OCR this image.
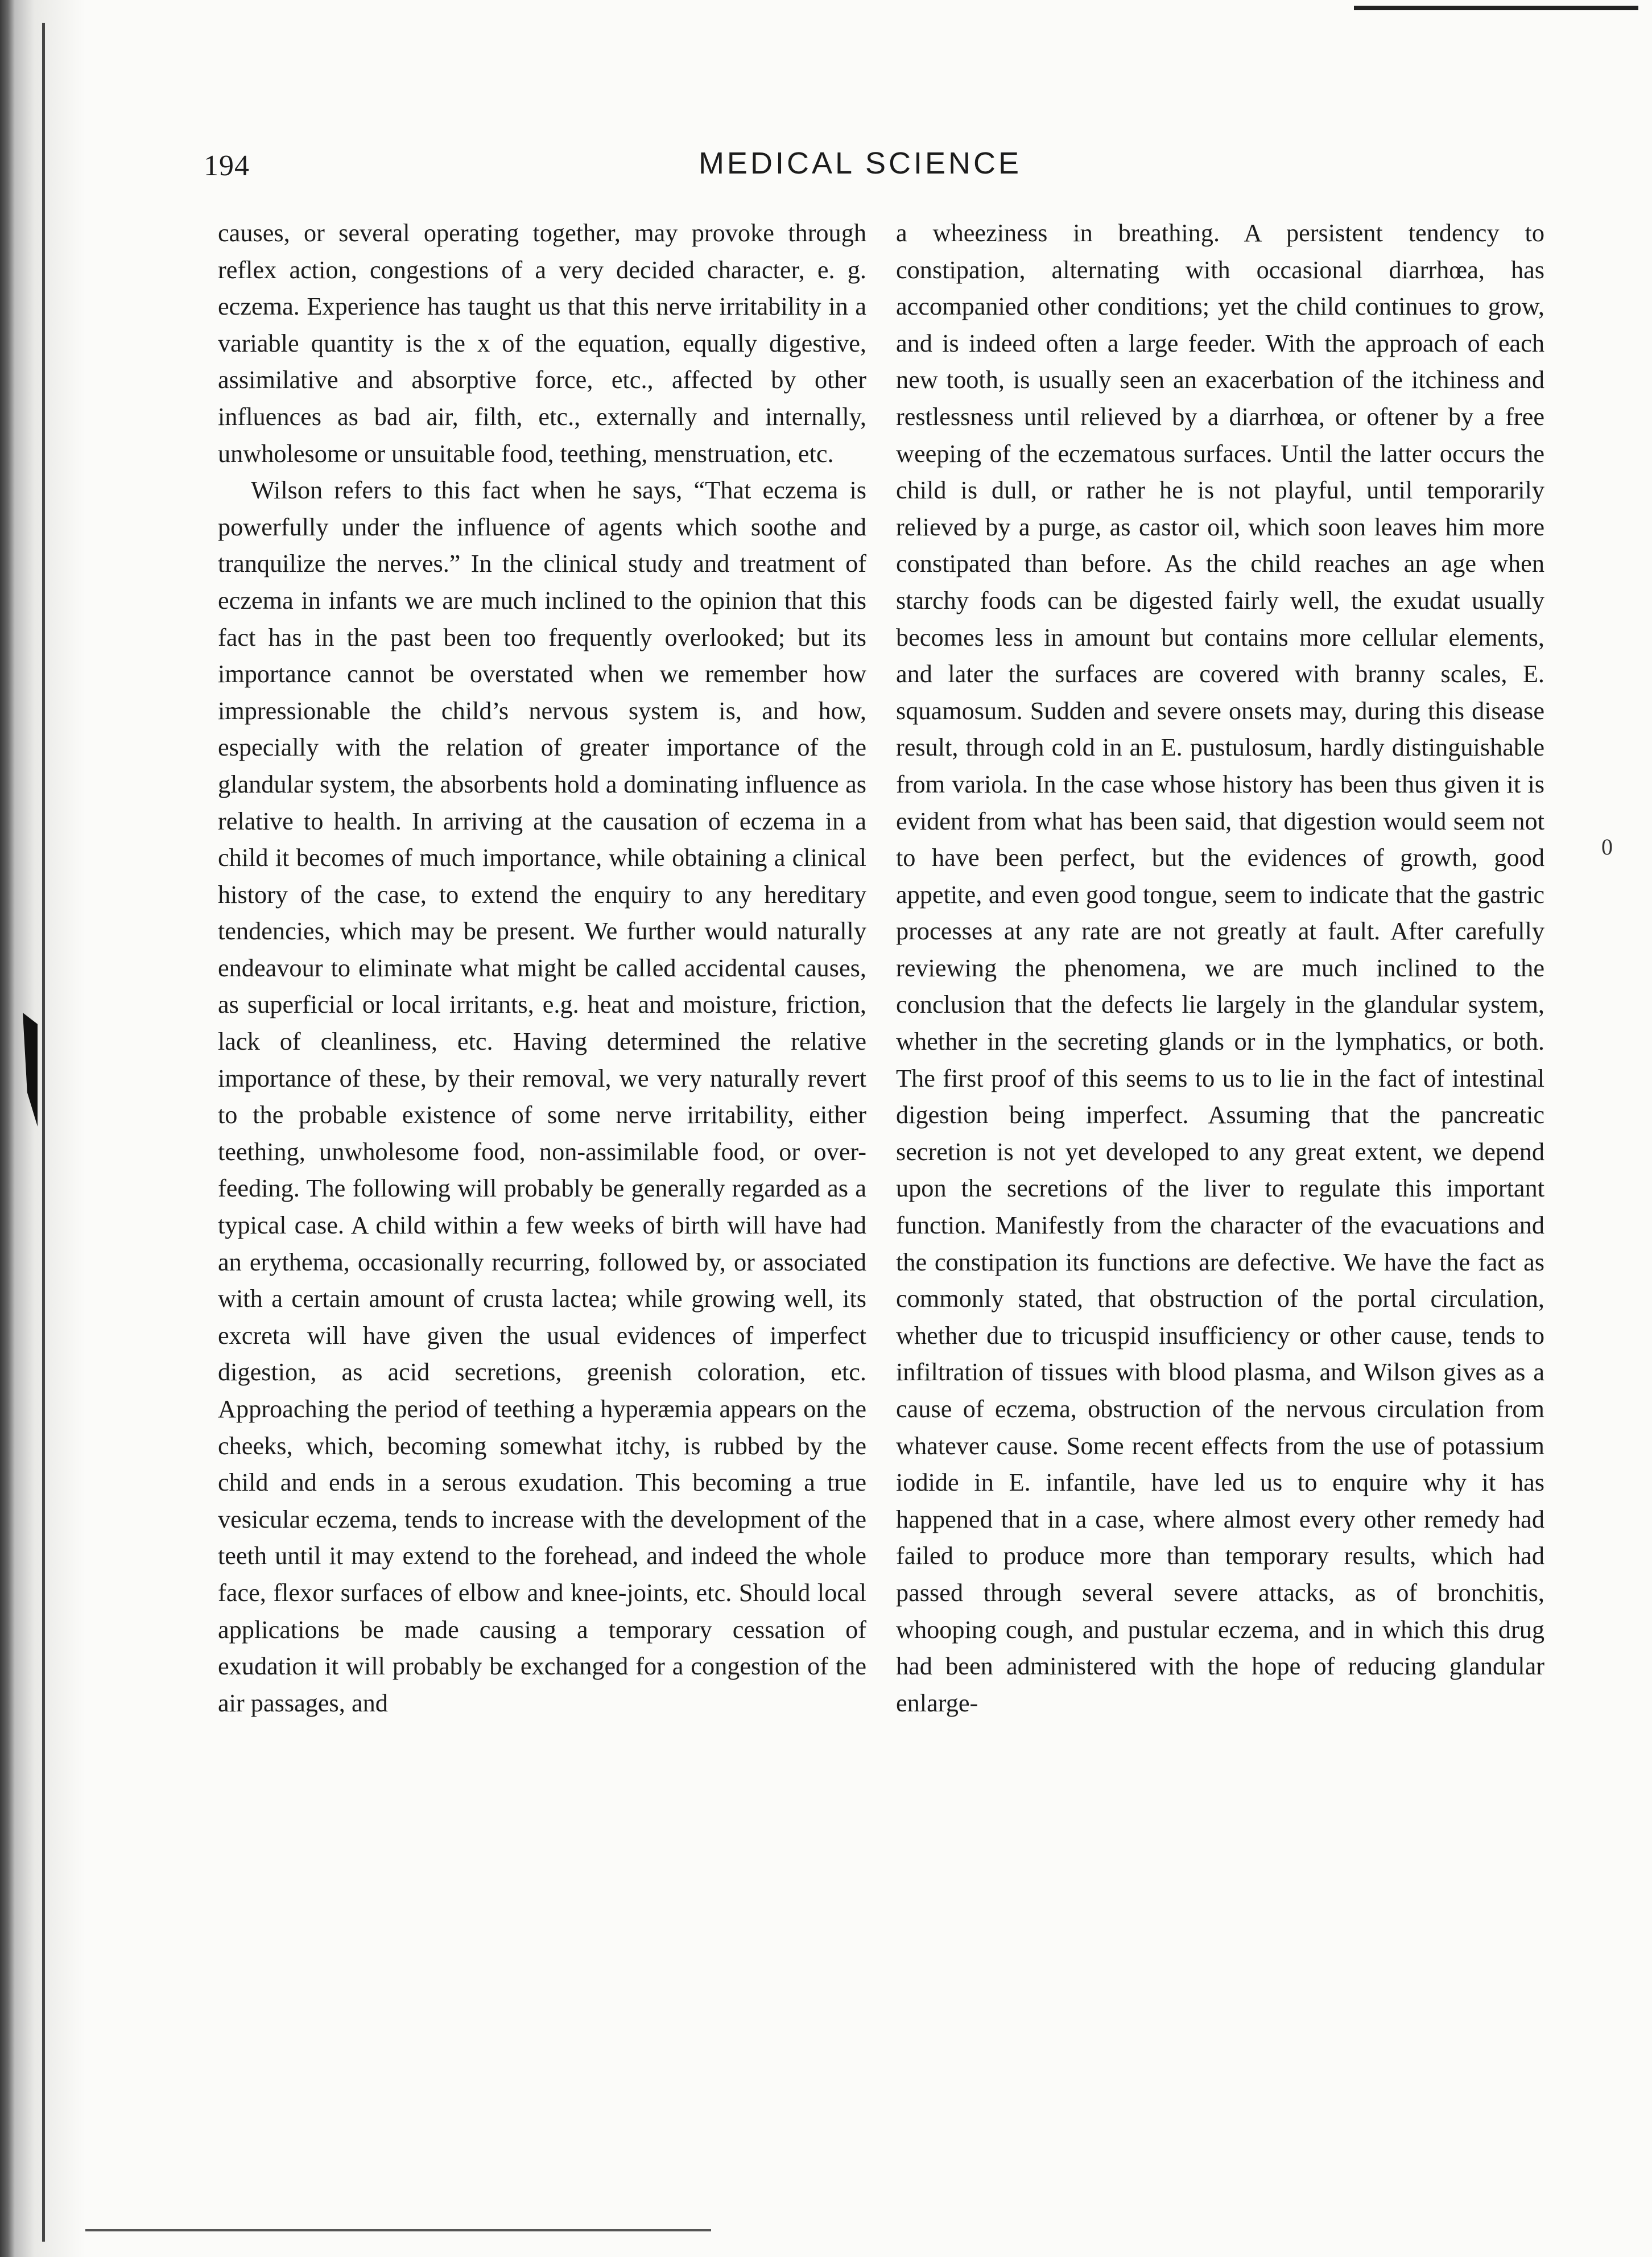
194	MEDICAL SCIENCE

causes, or several operating together, may provoke through reflex action, congestions of a very decided character, e. g. eczema. Experience has taught us that this nerve irritability in a variable quantity is the x of the equation, equally digestive, assimilative and absorptive force, etc., affected by other influences as bad air, filth, etc., externally and internally, unwholesome or unsuitable food, teething, menstruation, etc.

Wilson refers to this fact when he says, “That eczema is powerfully under the influence of agents which soothe and tranquilize the nerves.” In the clinical study and treatment of eczema in infants we are much inclined to the opinion that this fact has in the past been too frequently overlooked; but its importance cannot be overstated when we remember how impressionable the child’s nervous system is, and how, especially with the relation of greater importance of the glandular system, the absorbents hold a dominating influence as relative to health. In arriving at the causation of eczema in a child it becomes of much importance, while obtaining a clinical history of the case, to extend the enquiry to any hereditary tendencies, which may be present. We further would naturally endeavour to eliminate what might be called accidental causes, as superficial or local irritants, e.g. heat and moisture, friction, lack of cleanliness, etc. Having determined the relative importance of these, by their removal, we very naturally revert to the probable existence of some nerve irritability, either teething, unwholesome food, non-assimilable food, or over-feeding. The following will probably be generally regarded as a typical case. A child within a few weeks of birth will have had an erythema, occasionally recurring, followed by, or associated with a certain amount of crusta lactea; while growing well, its excreta will have given the usual evidences of imperfect digestion, as acid secretions, greenish coloration, etc. Approaching the period of teething a hyperæmia appears on the cheeks, which, becoming somewhat itchy, is rubbed by the child and ends in a serous exudation. This becoming a true vesicular eczema, tends to increase with the development of the teeth until it may extend to the forehead, and indeed the whole face, flexor surfaces of elbow and knee-joints, etc. Should local applications be made causing a temporary cessation of exudation it will probably be exchanged for a congestion of the air passages, and

a wheeziness in breathing. A persistent tendency to constipation, alternating with occasional diarrhœa, has accompanied other conditions; yet the child continues to grow, and is indeed often a large feeder. With the approach of each new tooth, is usually seen an exacerbation of the itchiness and restlessness until relieved by a diarrhœa, or oftener by a free weeping of the eczematous surfaces. Until the latter occurs the child is dull, or rather he is not playful, until temporarily relieved by a purge, as castor oil, which soon leaves him more constipated than before. As the child reaches an age when starchy foods can be digested fairly well, the exudat usually becomes less in amount but contains more cellular elements, and later the surfaces are covered with branny scales, E. squamosum. Sudden and severe onsets may, during this disease result, through cold in an E. pustulosum, hardly distinguishable from variola. In the case whose history has been thus given it is evident from what has been said, that digestion would seem not to have been perfect, but the evidences of growth, good appetite, and even good tongue, seem to indicate that the gastric processes at any rate are not greatly at fault. After carefully reviewing the phenomena, we are much inclined to the conclusion that the defects lie largely in the glandular system, whether in the secreting glands or in the lymphatics, or both. The first proof of this seems to us to lie in the fact of intestinal digestion being imperfect. Assuming that the pancreatic secretion is not yet developed to any great extent, we depend upon the secretions of the liver to regulate this important function. Manifestly from the character of the evacuations and the constipation its functions are defective. We have the fact as commonly stated, that obstruction of the portal circulation, whether due to tricuspid insufficiency or other cause, tends to infiltration of tissues with blood plasma, and Wilson gives as a cause of eczema, obstruction of the nervous circulation from whatever cause. Some recent effects from the use of potassium iodide in E. infantile, have led us to enquire why it has happened that in a case, where almost every other remedy had failed to produce more than temporary results, which had passed through several severe attacks, as of bronchitis, whooping cough, and pustular eczema, and in which this drug had been administered with the hope of reducing glandular enlarge-

0
